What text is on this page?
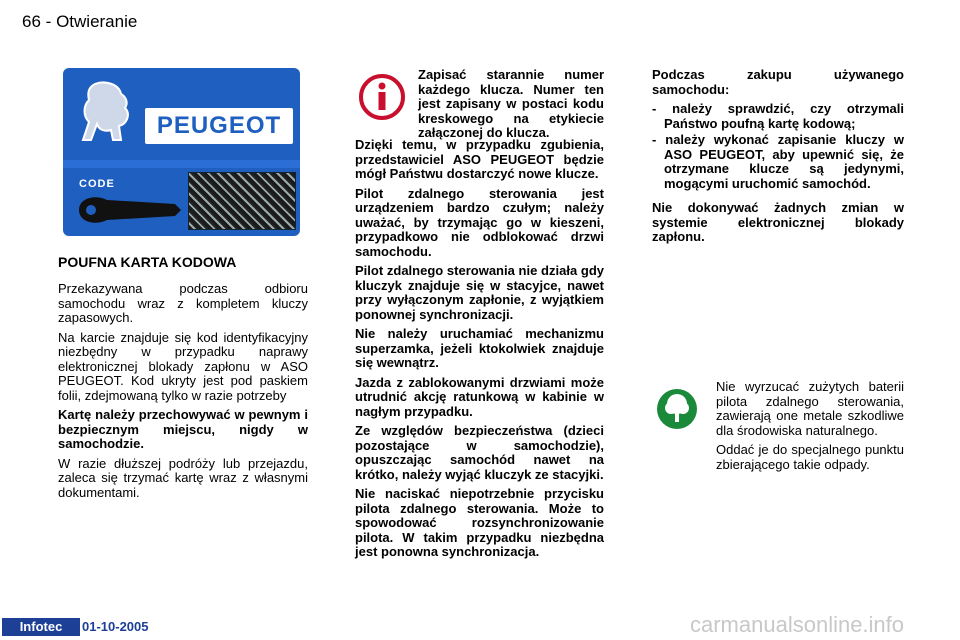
66 - Otwieranie
PEUGEOT
CODE
POUFNA KARTA KODOWA

Przekazywana podczas odbioru samochodu wraz z kompletem kluczy zapasowych.

Na karcie znajduje się kod identyfikacyjny niezbędny w przypadku naprawy elektronicznej blokady zapłonu w ASO PEUGEOT. Kod ukryty jest pod paskiem folii, zdejmowaną tylko w razie potrzeby

Kartę należy przechowywać w pewnym i bezpiecznym miejscu, nigdy w samochodzie.

W razie dłuższej podróży lub przejazdu, zaleca się trzymać kartę wraz z własnymi dokumentami.

Zapisać starannie numer każdego klucza. Numer ten jest zapisany w postaci kodu kreskowego na etykiecie załączonej do klucza.

Dzięki temu, w przypadku zgubienia, przedstawiciel ASO PEUGEOT będzie mógł Państwu dostarczyć nowe klucze.

Pilot zdalnego sterowania jest urządzeniem bardzo czułym; należy uważać, by trzymając go w kieszeni, przypadkowo nie odblokować drzwi samochodu.

Pilot zdalnego sterowania nie działa gdy kluczyk znajduje się w stacyjce, nawet przy wyłączonym zapłonie, z wyjątkiem ponownej synchronizacji.

Nie należy uruchamiać mechanizmu superzamka, jeżeli ktokolwiek znajduje się wewnątrz.

Jazda z zablokowanymi drzwiami może utrudnić akcję ratunkową w kabinie w nagłym przypadku.

Ze względów bezpieczeństwa (dzieci pozostające w samochodzie), opuszczając samochód nawet na krótko, należy wyjąć kluczyk ze stacyjki.

Nie naciskać niepotrzebnie przycisku pilota zdalnego sterowania. Może to spowodować rozsynchronizowanie pilota. W takim przypadku niezbędna jest ponowna synchronizacja.

Podczas zakupu używanego samochodu:

- należy sprawdzić, czy otrzymali Państwo poufną kartę kodową;
- należy wykonać zapisanie kluczy w ASO PEUGEOT, aby upewnić się, że otrzymane klucze są jedynymi, mogącymi uruchomić samochód.

Nie dokonywać żadnych zmian w systemie elektronicznej blokady zapłonu.

Nie wyrzucać zużytych baterii pilota zdalnego sterowania, zawierają one metale szkodliwe dla środowiska naturalnego.

Oddać je do specjalnego punktu zbierającego takie odpady.

Infotec	01-10-2005	carmanualsonline.info
